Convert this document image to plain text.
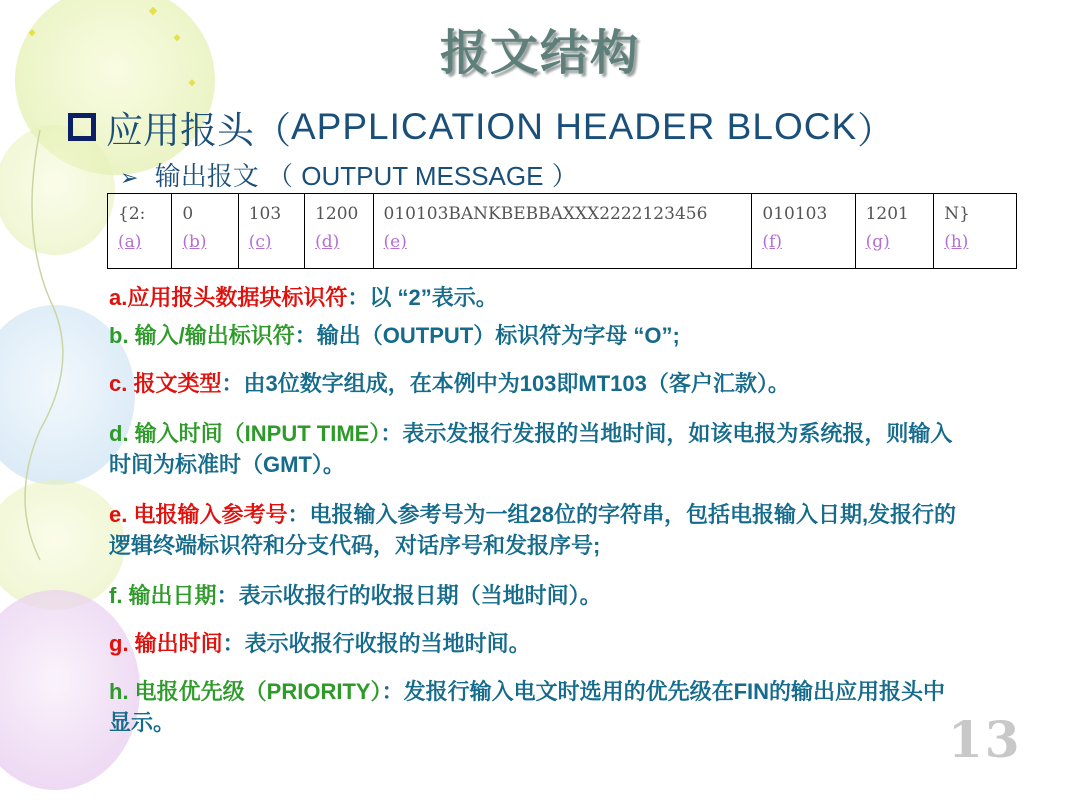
报文结构
应用报头（ APPLICATION HEADER BLOCK ）
➢ 输出报文 （ OUTPUT MESSAGE ）
{2:
(a)
	0
(b)
	103
(c)
	1200
(d)
	010103BANKBEBBAXXX2222123456
(e)
	010103
(f)
	1201
(g)
	N}
(h)
a.应用报头数据块标识符：以 “2”表示。
b. 输入/输出标识符：输出（OUTPUT）标识符为字母 “O”;
c. 报文类型：由3位数字组成，在本例中为103即MT103（客户汇款）。
d. 输入时间（INPUT TIME）：表示发报行发报的当地时间，如该电报为系统报，则输入时间为标准时（GMT）。
e. 电报输入参考号：电报输入参考号为一组28位的字符串，包括电报输入日期,发报行的逻辑终端标识符和分支代码，对话序号和发报序号;
f. 输出日期：表示收报行的收报日期（当地时间）。
g. 输出时间：表示收报行收报的当地时间。
h. 电报优先级（PRIORITY）：发报行输入电文时选用的优先级在FIN的输出应用报头中显示。	13
